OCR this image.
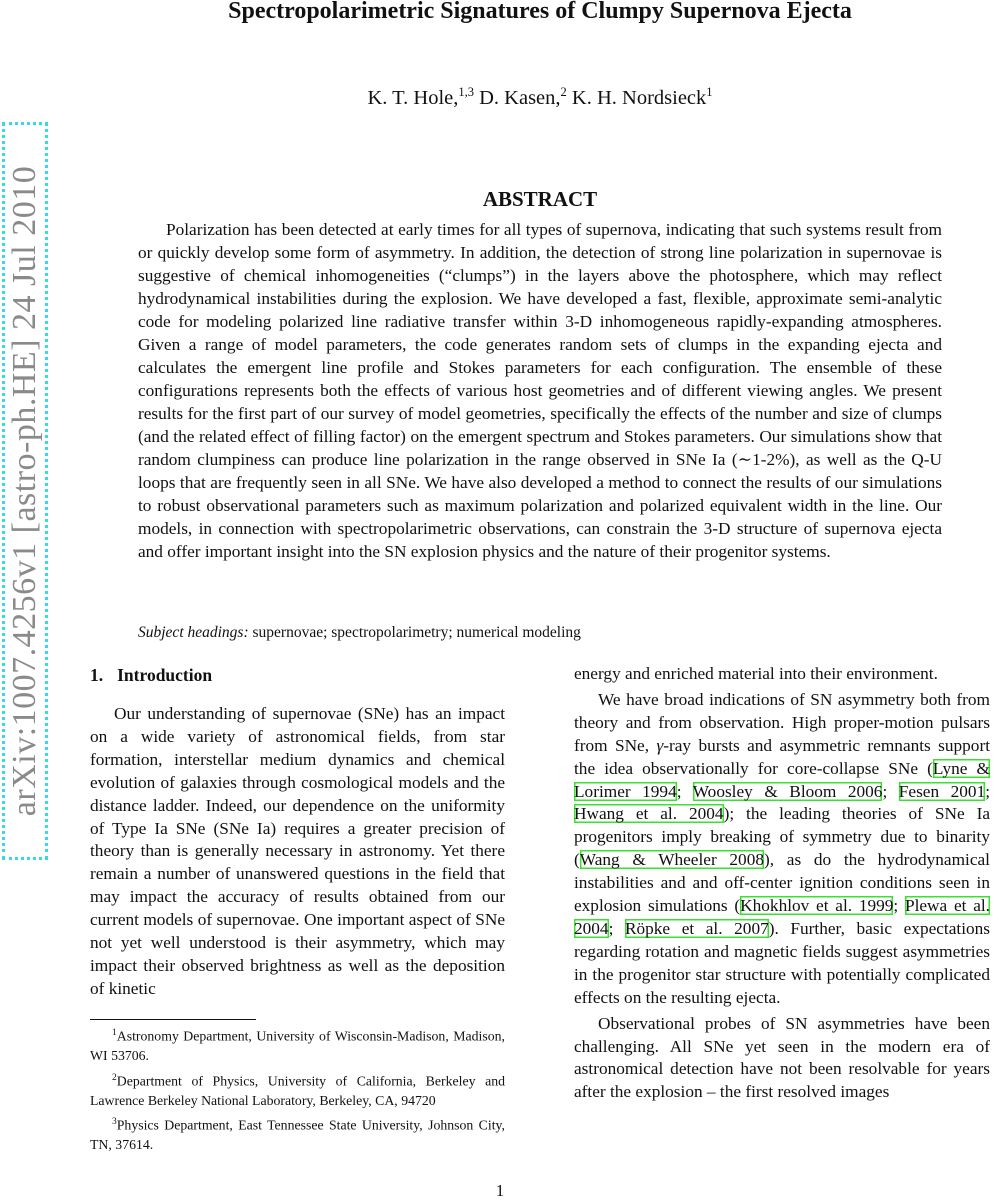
arXiv:1007.4256v1 [astro-ph.HE] 24 Jul 2010
Spectropolarimetric Signatures of Clumpy Supernova Ejecta
K. T. Hole,$^{1,3}$ D. Kasen,$^2$ K. H. Nordsieck$^1$
ABSTRACT

Polarization has been detected at early times for all types of supernova, indicating that such systems result from or quickly develop some form of asymmetry. In addition, the detection of strong line polarization in supernovae is suggestive of chemical inhomogeneities (“clumps”) in the layers above the photosphere, which may reflect hydrodynamical instabilities during the explosion. We have developed a fast, flexible, approximate semi-analytic code for modeling polarized line radiative transfer within 3-D inhomogeneous rapidly-expanding atmospheres. Given a range of model parameters, the code generates random sets of clumps in the expanding ejecta and calculates the emergent line profile and Stokes parameters for each configuration. The ensemble of these configurations represents both the effects of various host geometries and of different viewing angles. We present results for the first part of our survey of model geometries, specifically the effects of the number and size of clumps (and the related effect of filling factor) on the emergent spectrum and Stokes parameters. Our simulations show that random clumpiness can produce line polarization in the range observed in SNe Ia (∼1-2%), as well as the Q-U loops that are frequently seen in all SNe. We have also developed a method to connect the results of our simulations to robust observational parameters such as maximum polarization and polarized equivalent width in the line. Our models, in connection with spectropolarimetric observations, can constrain the 3-D structure of supernova ejecta and offer important insight into the SN explosion physics and the nature of their progenitor systems.

Subject headings: supernovae; spectropolarimetry; numerical modeling
1. Introduction

Our understanding of supernovae (SNe) has an impact on a wide variety of astronomical fields, from star formation, interstellar medium dynamics and chemical evolution of galaxies through cosmological models and the distance ladder. Indeed, our dependence on the uniformity of Type Ia SNe (SNe Ia) requires a greater precision of theory than is generally necessary in astronomy. Yet there remain a number of unanswered questions in the field that may impact the accuracy of results obtained from our current models of supernovae. One important aspect of SNe not yet well understood is their asymmetry, which may impact their observed brightness as well as the deposition of kinetic

energy and enriched material into their environment.

We have broad indications of SN asymmetry both from theory and from observation. High proper-motion pulsars from SNe, γ-ray bursts and asymmetric remnants support the idea observationally for core-collapse SNe (Lyne & Lorimer 1994; Woosley & Bloom 2006; Fesen 2001; Hwang et al. 2004); the leading theories of SNe Ia progenitors imply breaking of symmetry due to binarity (Wang & Wheeler 2008), as do the hydrodynamical instabilities and and off-center ignition conditions seen in explosion simulations (Khokhlov et al. 1999; Plewa et al. 2004; Röpke et al. 2007). Further, basic expectations regarding rotation and magnetic fields suggest asymmetries in the progenitor star structure with potentially complicated effects on the resulting ejecta.

Observational probes of SN asymmetries have been challenging. All SNe yet seen in the modern era of astronomical detection have not been resolvable for years after the explosion – the first resolved images

$^1$Astronomy Department, University of Wisconsin-Madison, Madison, WI 53706.

$^2$Department of Physics, University of California, Berkeley and Lawrence Berkeley National Laboratory, Berkeley, CA, 94720

$^3$Physics Department, East Tennessee State University, Johnson City, TN, 37614.

1
